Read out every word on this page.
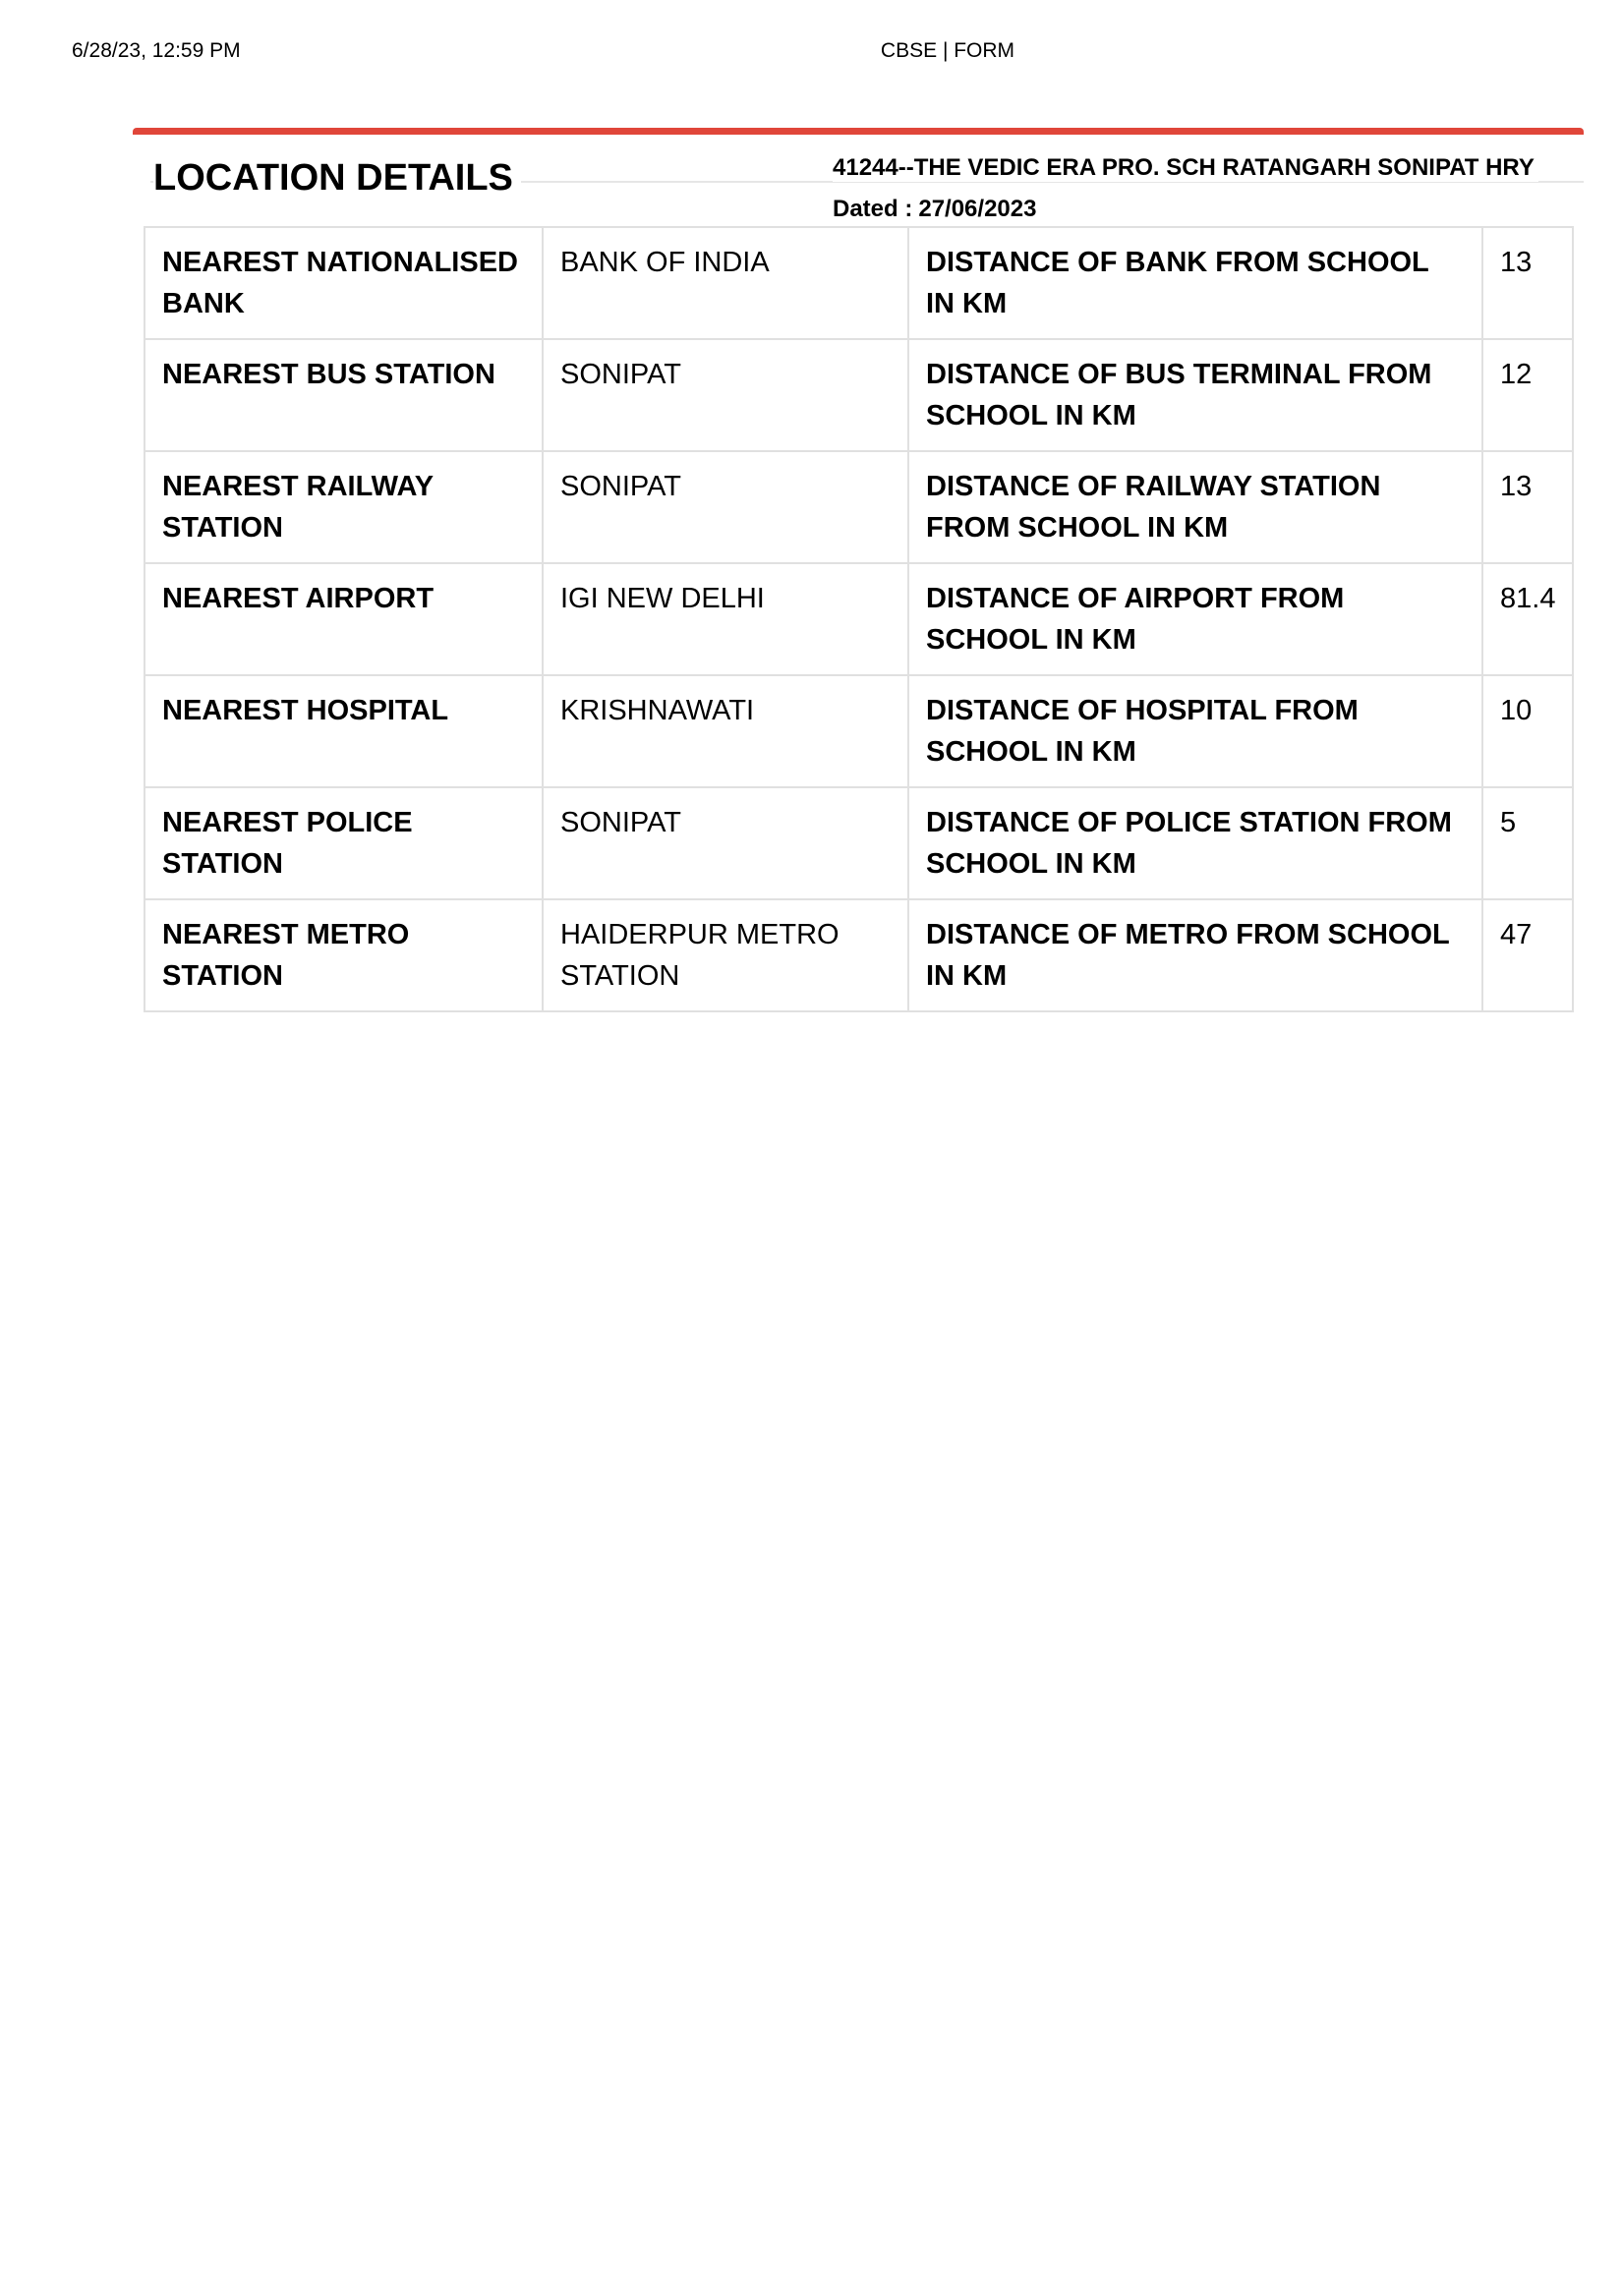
6/28/23, 12:59 PM	CBSE | FORM
LOCATION DETAILS	41244--THE VEDIC ERA PRO. SCH RATANGARH SONIPAT HRY
Dated : 27/06/2023
NEAREST NATIONALISED BANK	BANK OF INDIA	DISTANCE OF BANK FROM SCHOOL IN KM	13
NEAREST BUS STATION	SONIPAT	DISTANCE OF BUS TERMINAL FROM SCHOOL IN KM	12
NEAREST RAILWAY STATION	SONIPAT	DISTANCE OF RAILWAY STATION FROM SCHOOL IN KM	13
NEAREST AIRPORT	IGI NEW DELHI	DISTANCE OF AIRPORT FROM SCHOOL IN KM	81.4
NEAREST HOSPITAL	KRISHNAWATI	DISTANCE OF HOSPITAL FROM SCHOOL IN KM	10
NEAREST POLICE STATION	SONIPAT	DISTANCE OF POLICE STATION FROM SCHOOL IN KM	5
NEAREST METRO STATION	HAIDERPUR METRO STATION	DISTANCE OF METRO FROM SCHOOL IN KM	47
